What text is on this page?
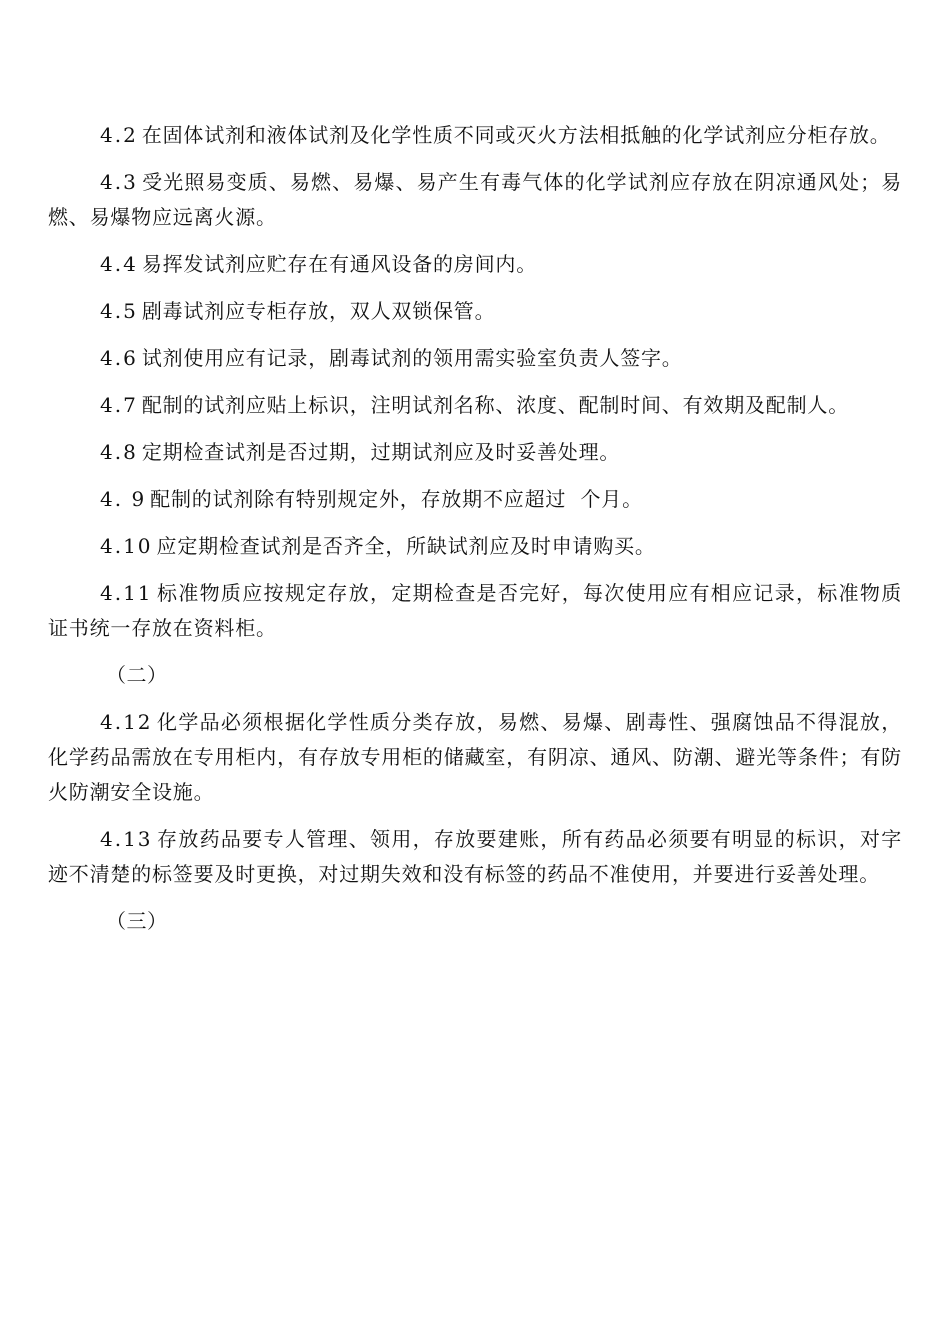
4.2 在固体试剂和液体试剂及化学性质不同或灭火方法相抵触的化学试剂应分柜存放。

4.3 受光照易变质、易燃、易爆、易产生有毒气体的化学试剂应存放在阴凉通风处；易燃、易爆物应远离火源。

4.4 易挥发试剂应贮存在有通风设备的房间内。

4.5 剧毒试剂应专柜存放，双人双锁保管。

4.6 试剂使用应有记录，剧毒试剂的领用需实验室负责人签字。

4.7 配制的试剂应贴上标识，注明试剂名称、浓度、配制时间、有效期及配制人。

4.8 定期检查试剂是否过期，过期试剂应及时妥善处理。

4. 9 配制的试剂除有特别规定外，存放期不应超过  个月。

4.10 应定期检查试剂是否齐全，所缺试剂应及时申请购买。

4.11 标准物质应按规定存放，定期检查是否完好，每次使用应有相应记录，标准物质证书统一存放在资料柜。

（二）

4.12 化学品必须根据化学性质分类存放，易燃、易爆、剧毒性、强腐蚀品不得混放，化学药品需放在专用柜内，有存放专用柜的储藏室，有阴凉、通风、防潮、避光等条件；有防火防潮安全设施。

4.13 存放药品要专人管理、领用，存放要建账，所有药品必须要有明显的标识，对字迹不清楚的标签要及时更换，对过期失效和没有标签的药品不准使用，并要进行妥善处理。

（三）
